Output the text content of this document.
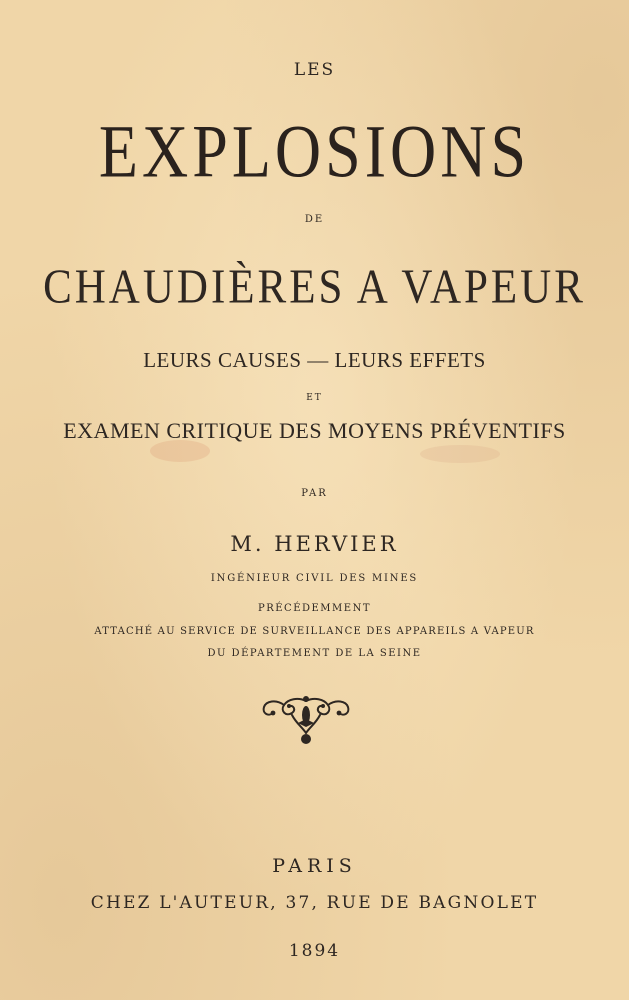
LES
EXPLOSIONS
DE
CHAUDIÈRES A VAPEUR
LEURS CAUSES — LEURS EFFETS
ET
EXAMEN CRITIQUE DES MOYENS PRÉVENTIFS
PAR
M. HERVIER
INGÉNIEUR CIVIL DES MINES
PRÉCÉDEMMENT
ATTACHÉ AU SERVICE DE SURVEILLANCE DES APPAREILS A VAPEUR
DU DÉPARTEMENT DE LA SEINE
PARIS
CHEZ L'AUTEUR, 37, RUE DE BAGNOLET
1894
